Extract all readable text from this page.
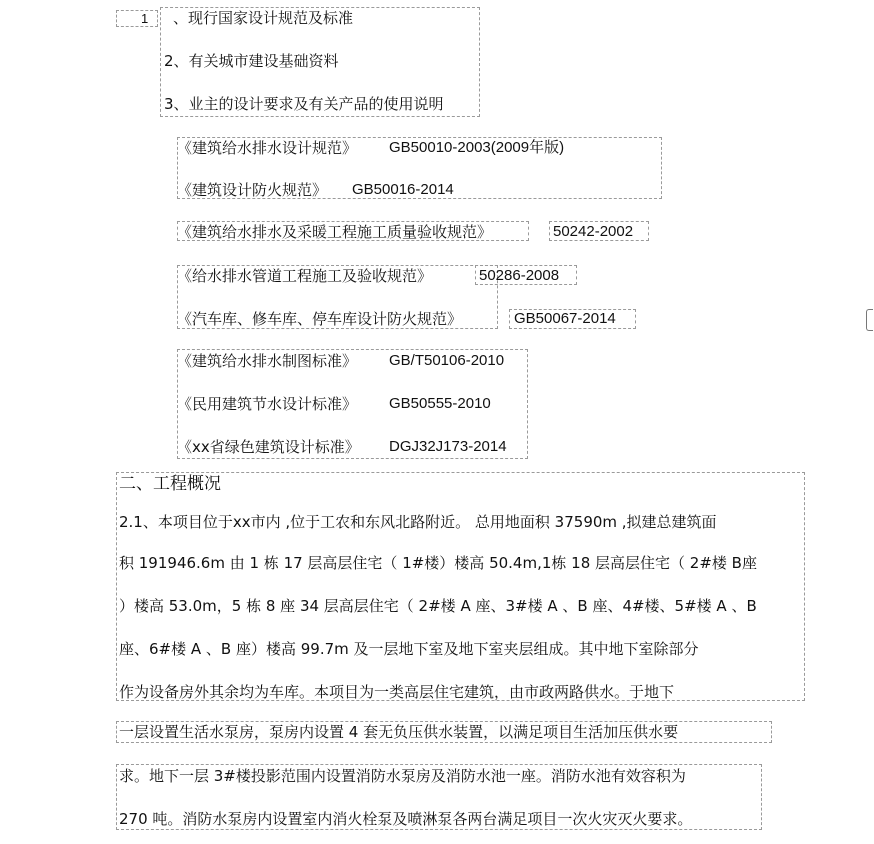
1 、现行国家设计规范及标准
2、有关城市建设基础资料
3、业主的设计要求及有关产品的使用说明
《建筑给水排水设计规范》 GB50010-2003(2009年版)
《建筑设计防火规范》 GB50016-2014
《建筑给水排水及采暖工程施工质量验收规范》	50242-2002
《给水排水管道工程施工及验收规范》	50286-2008
《汽车库、修车库、停车库设计防火规范》	GB50067-2014
《建筑给水排水制图标准》 GB/T50106-2010
《民用建筑节水设计标准》 GB50555-2010
《xx省绿色建筑设计标准》 DGJ32J173-2014
二、工程概况
2.1、本项目位于xx市内 ,位于工农和东风北路附近。 总用地面积 37590m ,拟建总建筑面
积 191946.6m 由 1 栋 17 层高层住宅（ 1#楼）楼高 50.4m,1栋 18 层高层住宅（ 2#楼 B座
）楼高 53.0m，5 栋 8 座 34 层高层住宅（ 2#楼 A 座、3#楼 A 、B 座、4#楼、5#楼 A 、B
座、6#楼 A 、B 座）楼高 99.7m 及一层地下室及地下室夹层组成。其中地下室除部分
作为设备房外其余均为车库。本项目为一类高层住宅建筑，由市政两路供水。于地下
一层设置生活水泵房，泵房内设置 4 套无负压供水装置，以满足项目生活加压供水要
求。地下一层 3#楼投影范围内设置消防水泵房及消防水池一座。消防水池有效容积为
270 吨。消防水泵房内设置室内消火栓泵及喷淋泵各两台满足项目一次火灾灭火要求。
